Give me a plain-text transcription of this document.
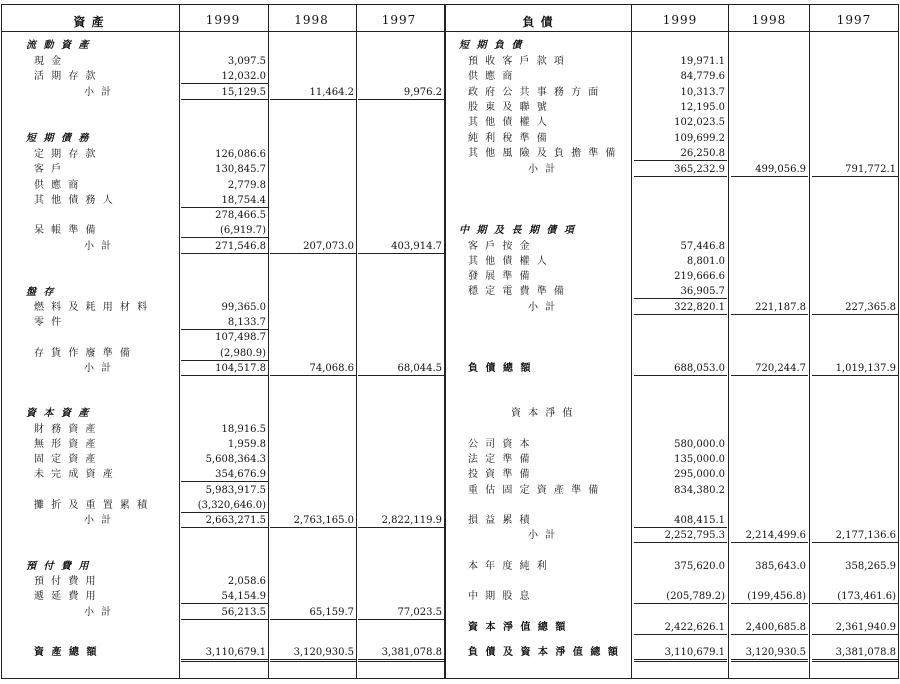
資 產	1999	1998	1997	負 債	1999	1998	1997
流 動 資 產
現 金	3,097.5
活 期 存 款	12,032.0
小 計	15,129.5	11,464.2	9,976.2
短 期 債 務
定 期 存 款	126,086.6
客 戶	130,845.7
供 應 商	2,779.8
其 他 債 務 人	18,754.4
278,466.5
呆 帳 準 備	(6,919.7)
小 計	271,546.8	207,073.0	403,914.7
盤 存
燃 料 及 耗 用 材 料	99,365.0
零 件	8,133.7
107,498.7
存 貨 作 廢 準 備	(2,980.9)
小 計	104,517.8	74,068.6	68,044.5
資 本 資 產
財 務 資 產	18,916.5
無 形 資 產	1,959.8
固 定 資 產	5,608,364.3
未 完 成 資 產	354,676.9
5,983,917.5
攤 折 及 重 置 累 積	(3,320,646.0)
小 計	2,663,271.5	2,763,165.0	2,822,119.9
預 付 費 用
預 付 費 用	2,058.6
遞 延 費 用	54,154.9
小 計	56,213.5	65,159.7	77,023.5
資 產 總 額	3,110,679.1	3,120,930.5	3,381,078.8
短 期 負 債
預 收 客 戶 款 項	19,971.1
供 應 商	84,779.6
政 府 公 共 事 務 方 面	10,313.7
股 東 及 聯 號	12,195.0
其 他 債 權 人	102,023.5
純 利 稅 準 備	109,699.2
其 他 風 險 及 負 擔 準 備	26,250.8
小 計	365,232.9	499,056.9	791,772.1
中 期 及 長 期 債 項
客 戶 按 金	57,446.8
其 他 債 權 人	8,801.0
發 展 準 備	219,666.6
穩 定 電 費 準 備	36,905.7
小 計	322,820.1	221,187.8	227,365.8
負 債 總 額	688,053.0	720,244.7	1,019,137.9
資 本 淨 值
公 司 資 本	580,000.0
法 定 準 備	135,000.0
投 資 準 備	295,000.0
重 估 固 定 資 產 準 備	834,380.2
損 益 累 積	408,415.1
小 計	2,252,795.3	2,214,499.6	2,177,136.6
本 年 度 純 利	375,620.0	385,643.0	358,265.9
中 期 股 息	(205,789.2)	(199,456.8)	(173,461.6)
資 本 淨 值 總 額	2,422,626.1	2,400,685.8	2,361,940.9
負 債 及 資 本 淨 值 總 額	3,110,679.1	3,120,930.5	3,381,078.8
